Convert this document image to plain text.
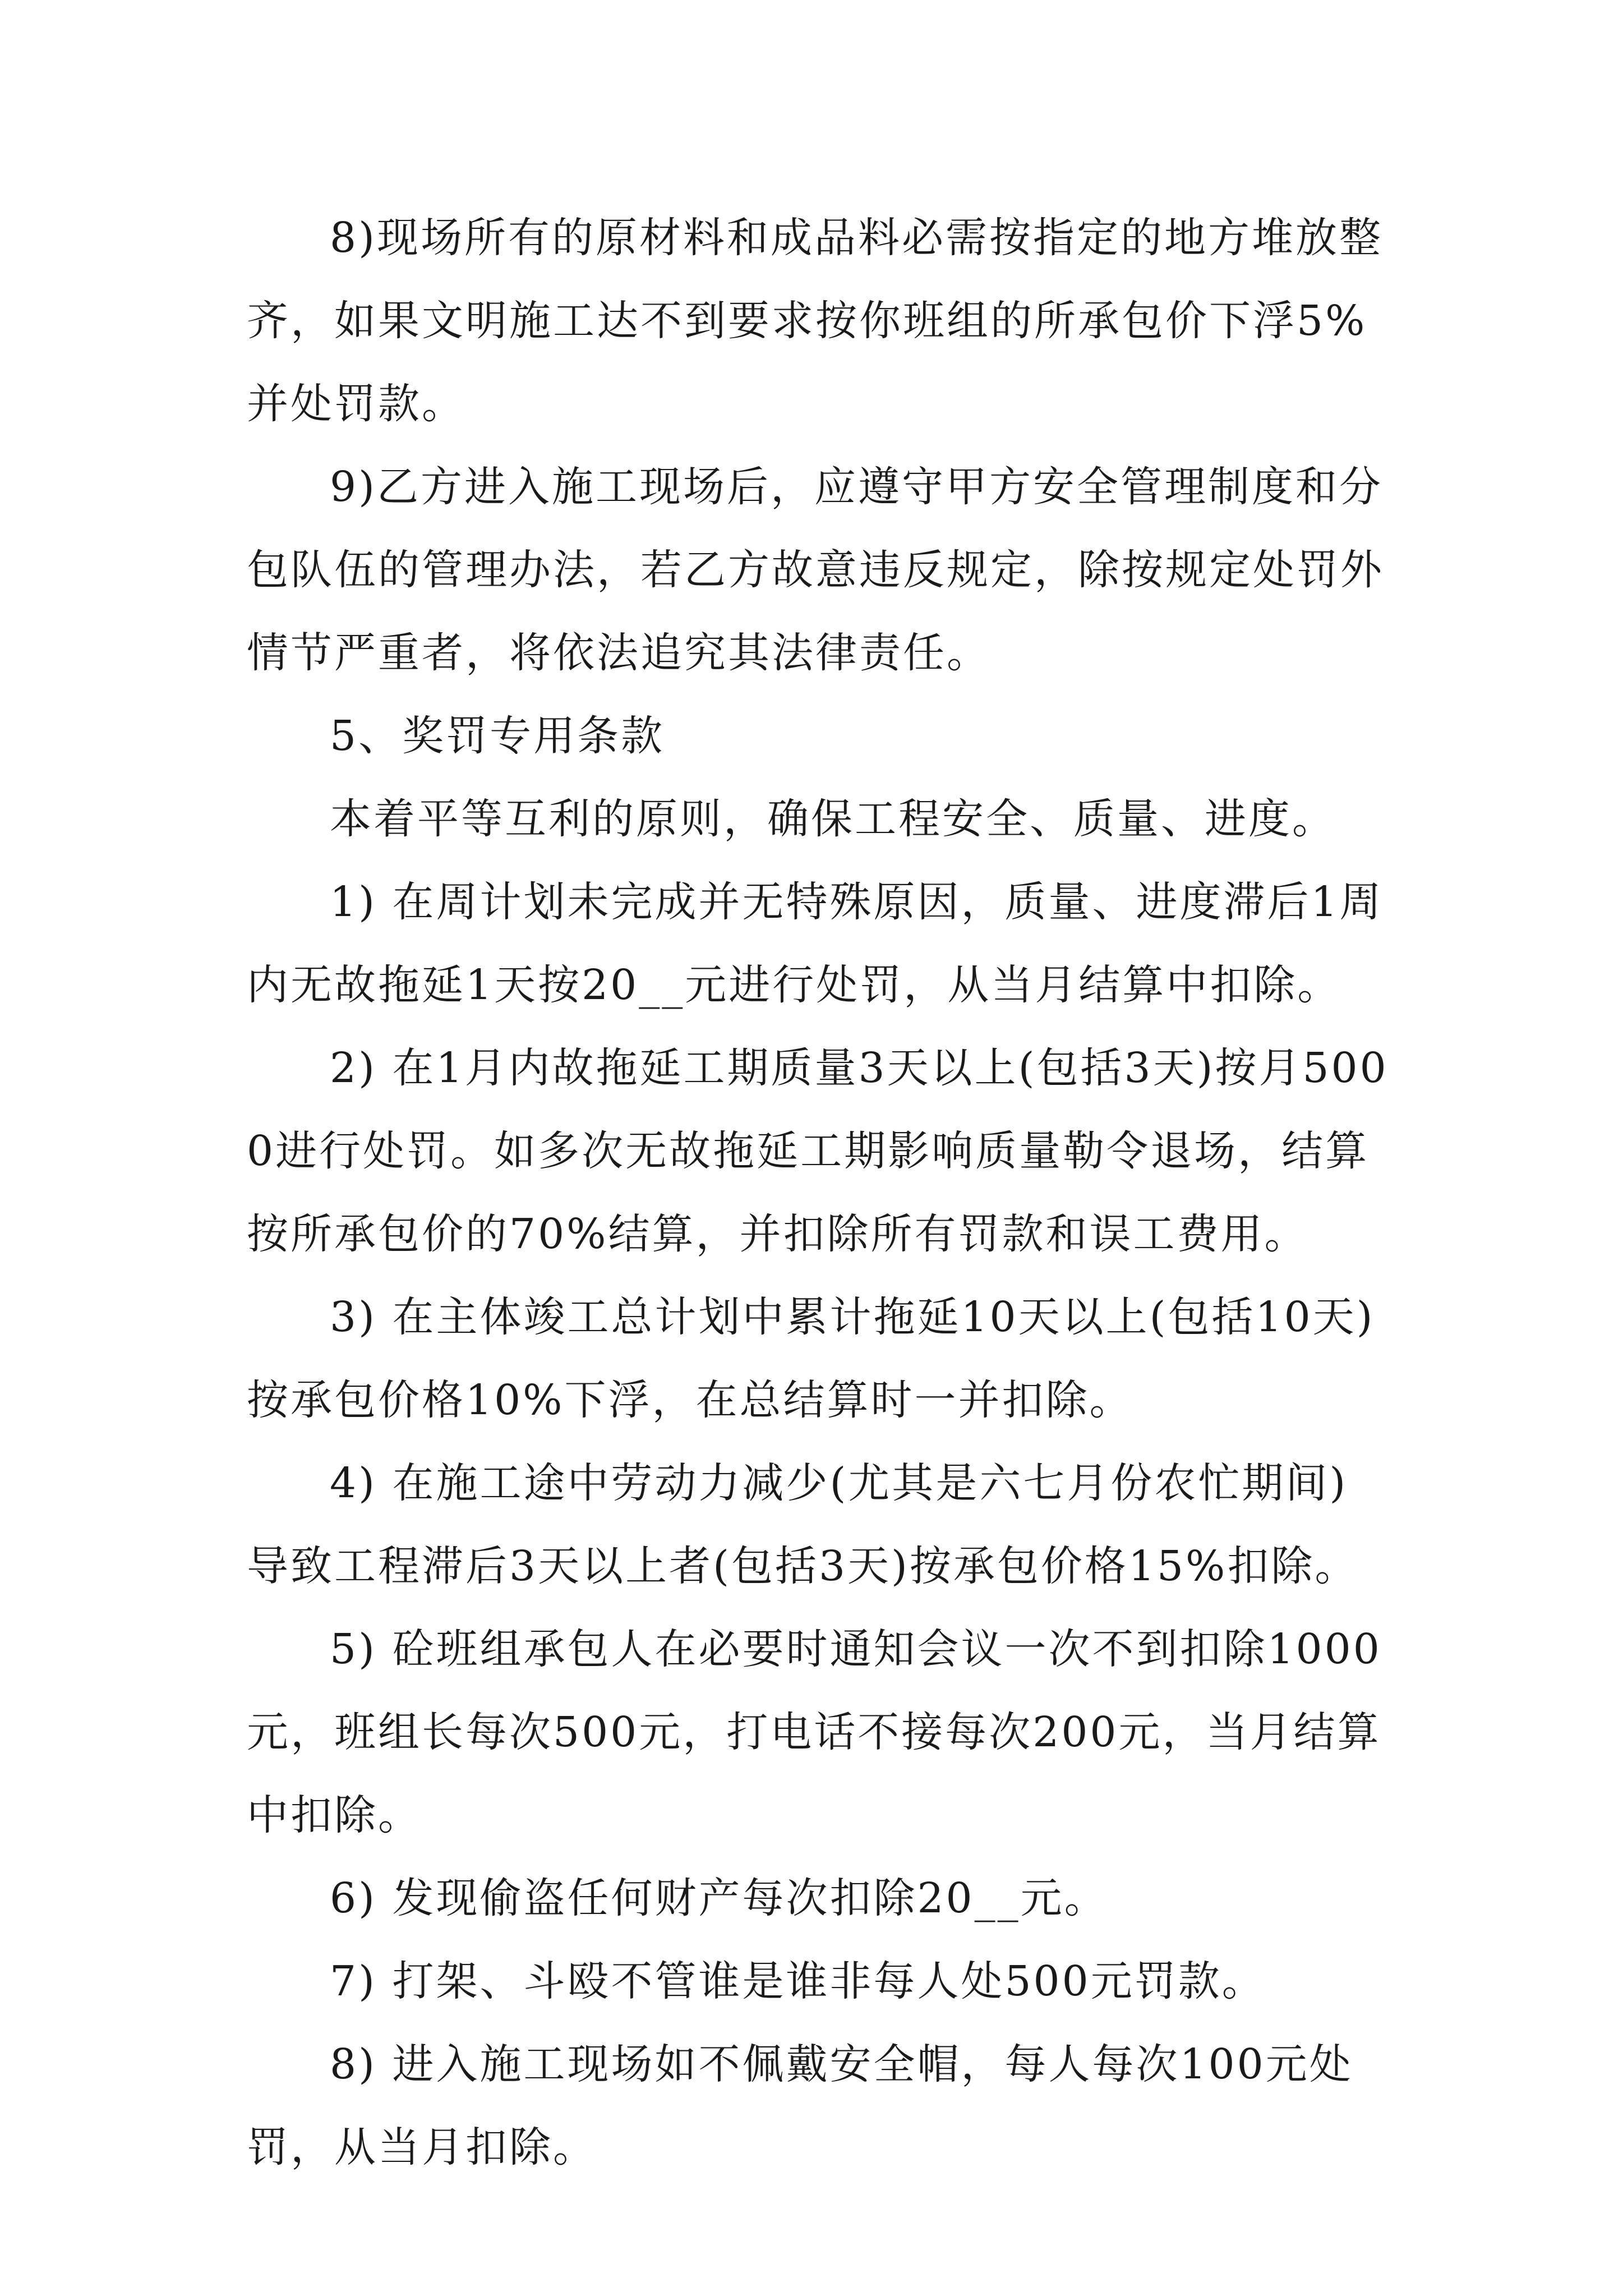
8)现场所有的原材料和成品料必需按指定的地方堆放整齐，如果文明施工达不到要求按你班组的所承包价下浮5%并处罚款。

9)乙方进入施工现场后，应遵守甲方安全管理制度和分包队伍的管理办法，若乙方故意违反规定，除按规定处罚外情节严重者，将依法追究其法律责任。

5、奖罚专用条款

本着平等互利的原则，确保工程安全、质量、进度。

1) 在周计划未完成并无特殊原因，质量、进度滞后1周内无故拖延1天按20__元进行处罚，从当月结算中扣除。

2) 在1月内故拖延工期质量3天以上(包括3天)按月5000进行处罚。如多次无故拖延工期影响质量勒令退场，结算按所承包价的70%结算，并扣除所有罚款和误工费用。

3) 在主体竣工总计划中累计拖延10天以上(包括10天)按承包价格10%下浮，在总结算时一并扣除。

4) 在施工途中劳动力减少(尤其是六七月份农忙期间)导致工程滞后3天以上者(包括3天)按承包价格15%扣除。

5) 砼班组承包人在必要时通知会议一次不到扣除1000元，班组长每次500元，打电话不接每次200元，当月结算中扣除。

6) 发现偷盗任何财产每次扣除20__元。

7) 打架、斗殴不管谁是谁非每人处500元罚款。

8) 进入施工现场如不佩戴安全帽，每人每次100元处罚，从当月扣除。
